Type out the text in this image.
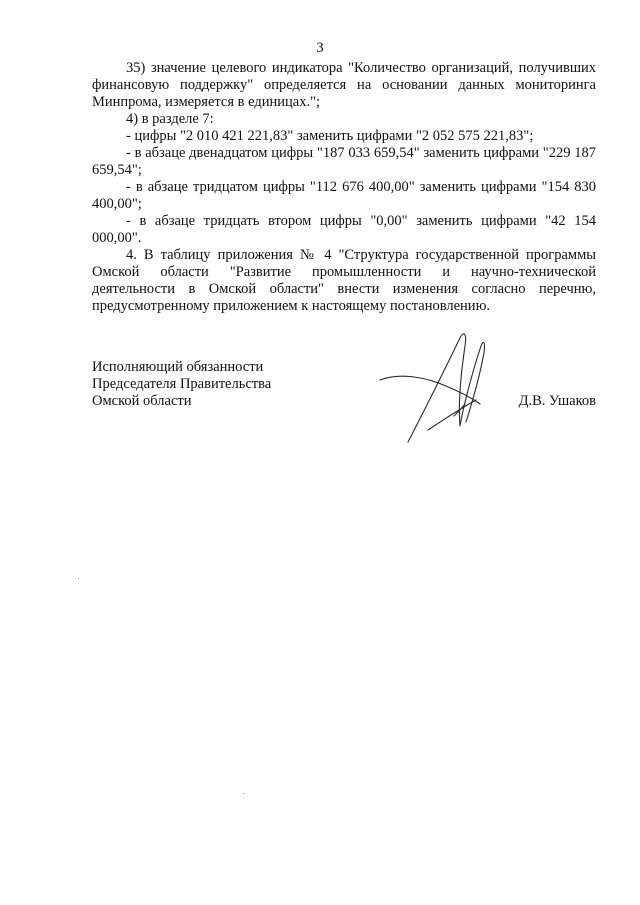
3

35) значение целевого индикатора "Количество организаций, получивших финансовую поддержку" определяется на основании данных мониторинга Минпрома, измеряется в единицах.";

4) в разделе 7:

- цифры "2 010 421 221,83" заменить цифрами "2 052 575 221,83";

- в абзаце двенадцатом цифры "187 033 659,54" заменить цифрами "229 187 659,54";

- в абзаце тридцатом цифры "112 676 400,00" заменить цифрами "154 830 400,00";

- в абзаце тридцать втором цифры "0,00" заменить цифрами "42 154 000,00".

4. В таблицу приложения № 4 "Структура государственной программы Омской области "Развитие промышленности и научно-технической деятельности в Омской области" внести изменения согласно перечню, предусмотренному приложением к настоящему постановлению.

Исполняющий обязанности
Председателя Правительства
Омской области	Д.В. Ушаков
